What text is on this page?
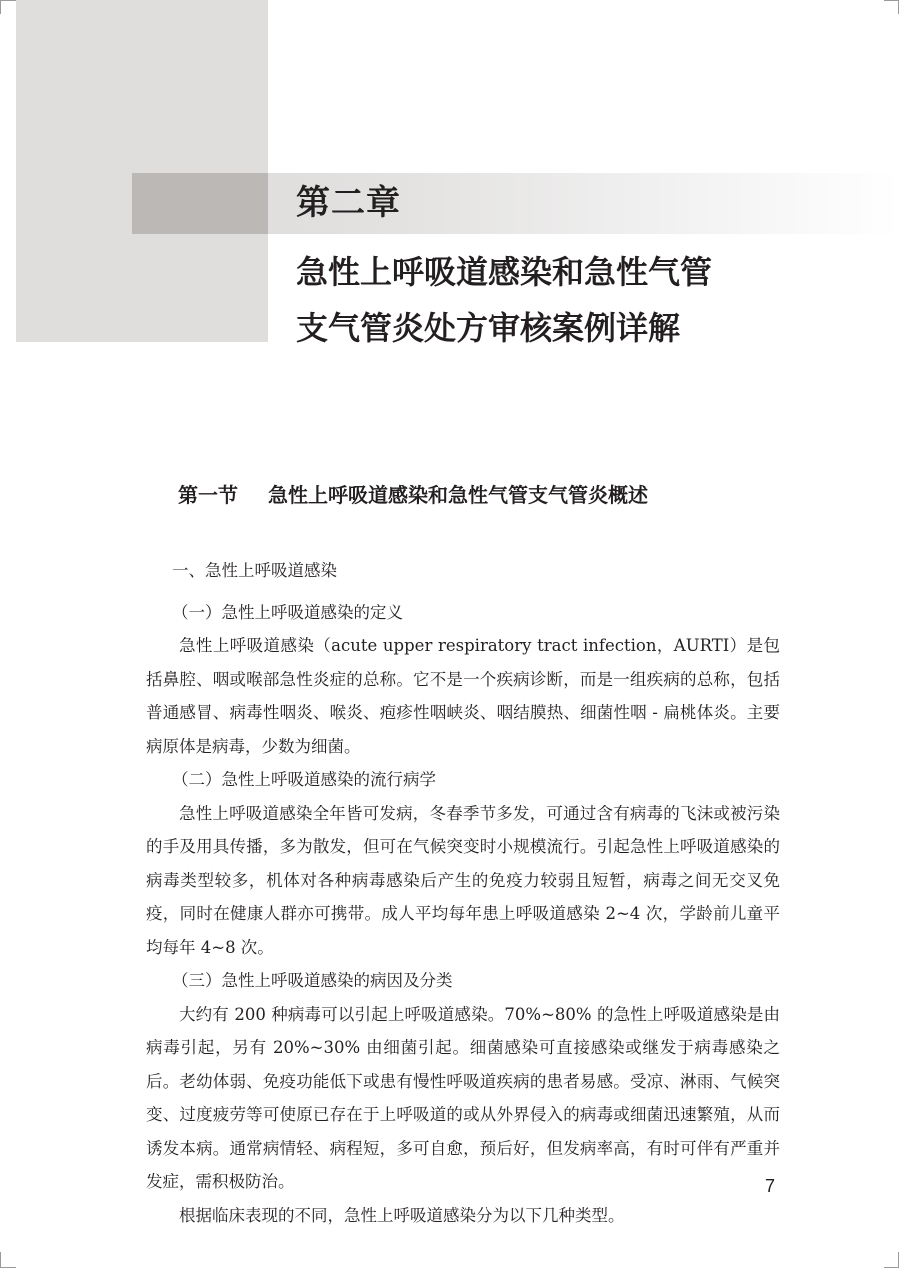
第二章
急性上呼吸道感染和急性气管
支气管炎处方审核案例详解
第一节 急性上呼吸道感染和急性气管支气管炎概述
一、急性上呼吸道感染
（一）急性上呼吸道感染的定义

急性上呼吸道感染（acute upper respiratory tract infection，AURTI）是包括鼻腔、咽或喉部急性炎症的总称。它不是一个疾病诊断，而是一组疾病的总称，包括普通感冒、病毒性咽炎、喉炎、疱疹性咽峡炎、咽结膜热、细菌性咽 - 扁桃体炎。主要病原体是病毒，少数为细菌。

（二）急性上呼吸道感染的流行病学

急性上呼吸道感染全年皆可发病，冬春季节多发，可通过含有病毒的飞沫或被污染的手及用具传播，多为散发，但可在气候突变时小规模流行。引起急性上呼吸道感染的病毒类型较多，机体对各种病毒感染后产生的免疫力较弱且短暂，病毒之间无交叉免疫，同时在健康人群亦可携带。成人平均每年患上呼吸道感染 2~4 次，学龄前儿童平均每年 4~8 次。

（三）急性上呼吸道感染的病因及分类

大约有 200 种病毒可以引起上呼吸道感染。70%~80% 的急性上呼吸道感染是由病毒引起，另有 20%~30% 由细菌引起。细菌感染可直接感染或继发于病毒感染之后。老幼体弱、免疫功能低下或患有慢性呼吸道疾病的患者易感。受凉、淋雨、气候突变、过度疲劳等可使原已存在于上呼吸道的或从外界侵入的病毒或细菌迅速繁殖，从而诱发本病。通常病情轻、病程短，多可自愈，预后好，但发病率高，有时可伴有严重并发症，需积极防治。

根据临床表现的不同，急性上呼吸道感染分为以下几种类型。

7
